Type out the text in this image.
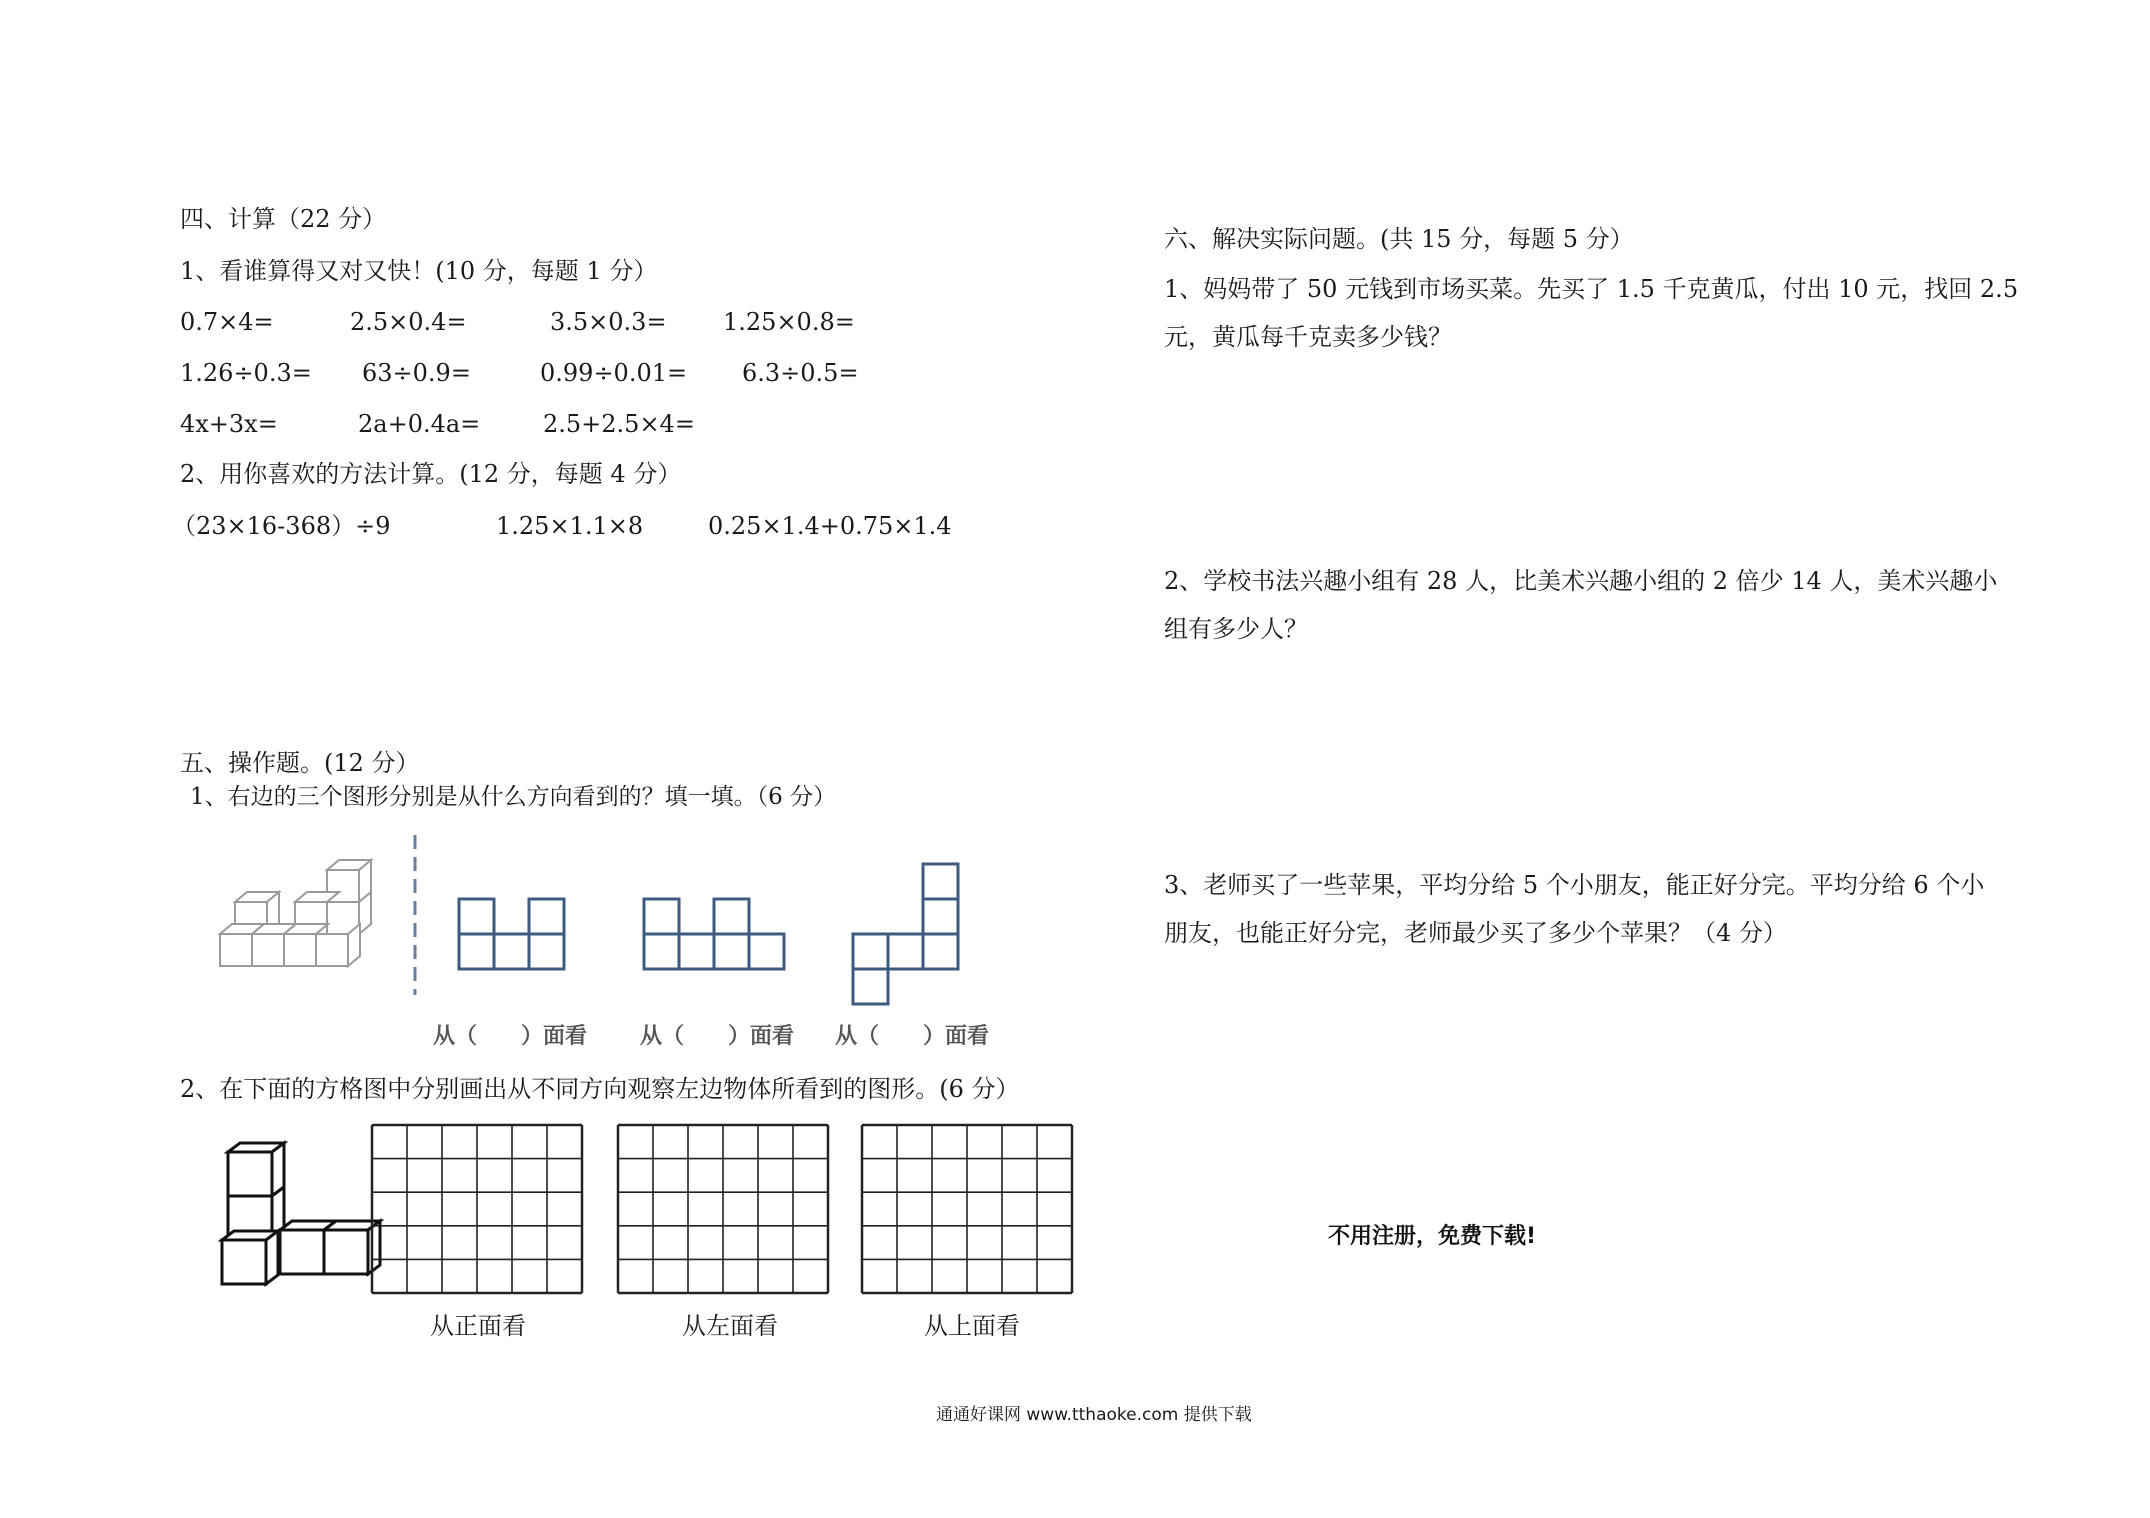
四、计算（22 分）
1、看谁算得又对又快！(10 分，每题 1 分）
0.7×4=	2.5×0.4=	3.5×0.3= 1.25×0.8=
1.26÷0.3= 63÷0.9=	0.99÷0.01= 6.3÷0.5=
4x+3x=	2a+0.4a=	2.5+2.5×4=
2、用你喜欢的方法计算。(12 分，每题 4 分）
（23×16-368）÷9	1.25×1.1×8	0.25×1.4+0.75×1.4
五、操作题。(12 分）
1、右边的三个图形分别是从什么方向看到的？填一填。（6 分）
从（　　）面看 从（　　）面看 从（　　）面看
2、在下面的方格图中分别画出从不同方向观察左边物体所看到的图形。(6 分）
从正面看	从左面看	从上面看
六、解决实际问题。(共 15 分，每题 5 分）
1、妈妈带了 50 元钱到市场买菜。先买了 1.5 千克黄瓜，付出 10 元，找回 2.5
元，黄瓜每千克卖多少钱？
2、学校书法兴趣小组有 28 人，比美术兴趣小组的 2 倍少 14 人，美术兴趣小
组有多少人？
3、老师买了一些苹果，平均分给 5 个小朋友，能正好分完。平均分给 6 个小
朋友，也能正好分完，老师最少买了多少个苹果？（4 分）
不用注册，免费下载!
通通好课网 www.tthaoke.com 提供下载
